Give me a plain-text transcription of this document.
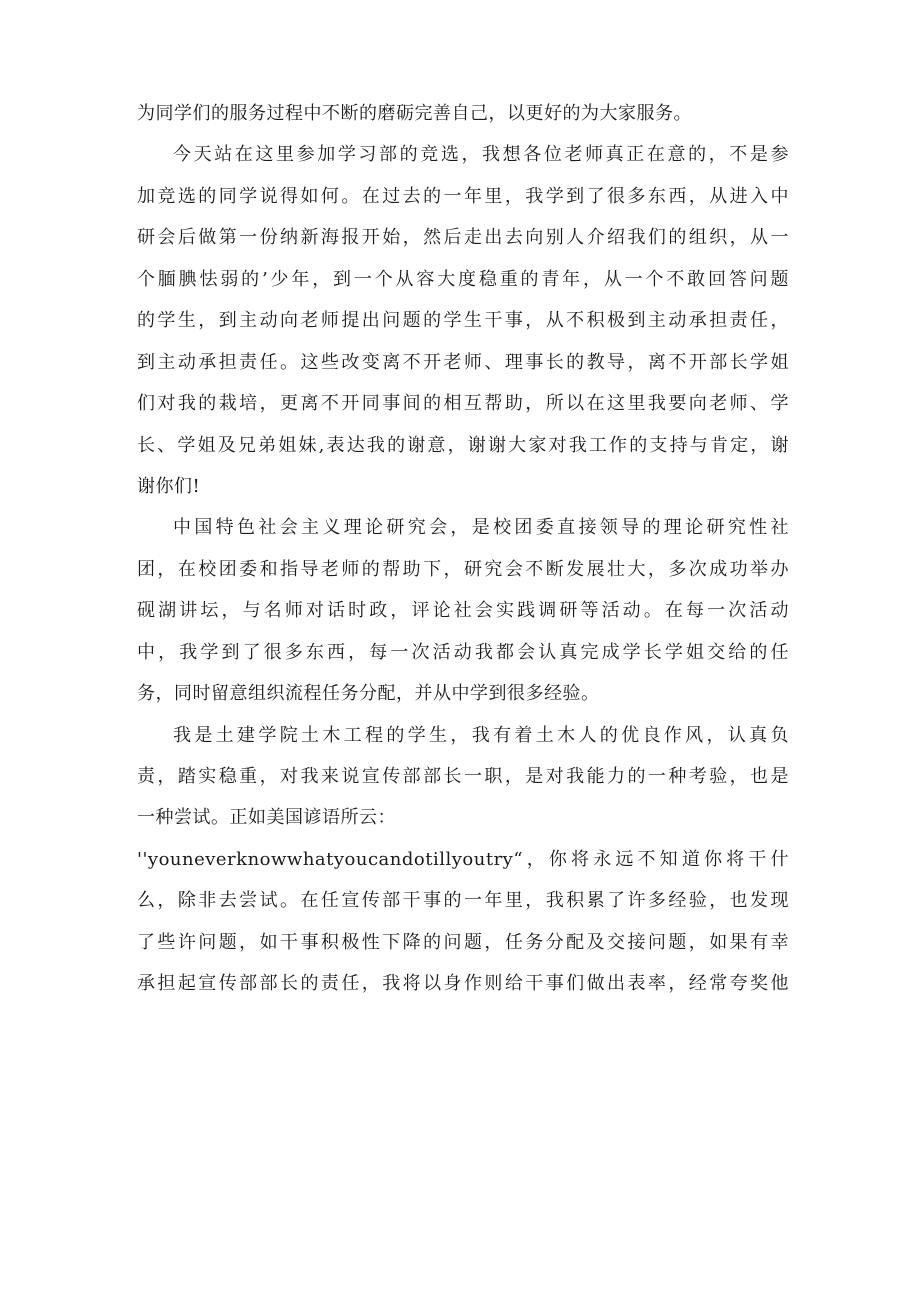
为同学们的服务过程中不断的磨砺完善自己，以更好的为大家服务。
今天站在这里参加学习部的竞选，我想各位老师真正在意的，不是参
加竞选的同学说得如何。在过去的一年里，我学到了很多东西，从进入中
研会后做第一份纳新海报开始，然后走出去向别人介绍我们的组织，从一
个腼腆怯弱的’少年，到一个从容大度稳重的青年，从一个不敢回答问题
的学生，到主动向老师提出问题的学生干事，从不积极到主动承担责任，
到主动承担责任。这些改变离不开老师、理事长的教导，离不开部长学姐
们对我的栽培，更离不开同事间的相互帮助，所以在这里我要向老师、学
长、学姐及兄弟姐妹,表达我的谢意，谢谢大家对我工作的支持与肯定，谢
谢你们!
中国特色社会主义理论研究会，是校团委直接领导的理论研究性社
团，在校团委和指导老师的帮助下，研究会不断发展壮大，多次成功举办
砚湖讲坛，与名师对话时政，评论社会实践调研等活动。在每一次活动
中，我学到了很多东西，每一次活动我都会认真完成学长学姐交给的任
务，同时留意组织流程任务分配，并从中学到很多经验。
我是土建学院土木工程的学生，我有着土木人的优良作风，认真负
责，踏实稳重，对我来说宣传部部长一职，是对我能力的一种考验，也是
一种尝试。正如美国谚语所云：
''youneverknowwhatyoucandotillyoutry“，你将永远不知道你将干什
么，除非去尝试。在任宣传部干事的一年里，我积累了许多经验，也发现
了些许问题，如干事积极性下降的问题，任务分配及交接问题，如果有幸
承担起宣传部部长的责任，我将以身作则给干事们做出表率，经常夸奖他
